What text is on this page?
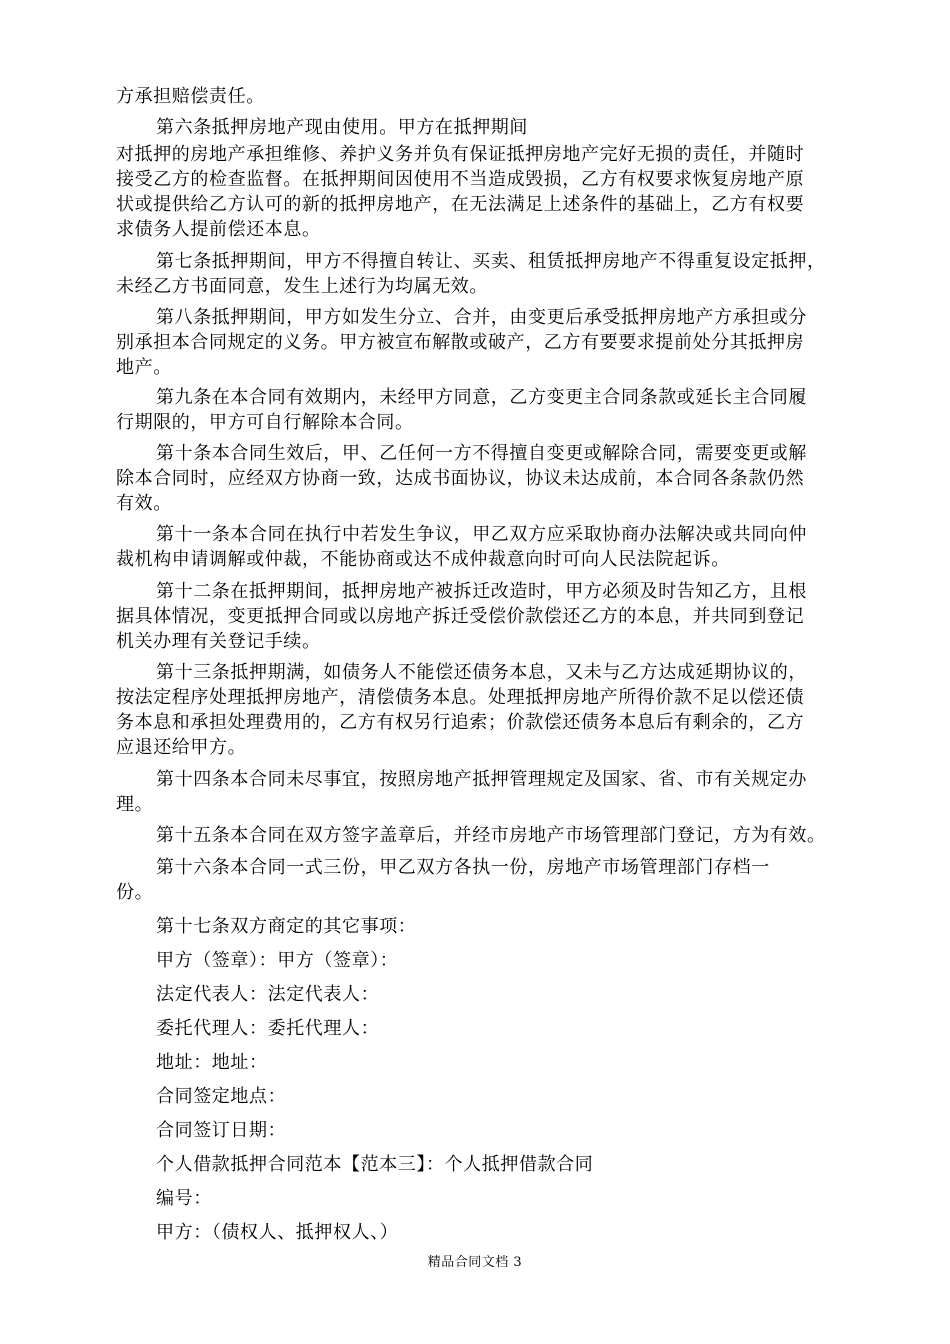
方承担赔偿责任。
第六条抵押房地产现由使用。甲方在抵押期间
对抵押的房地产承担维修、养护义务并负有保证抵押房地产完好无损的责任，并随时
接受乙方的检查监督。在抵押期间因使用不当造成毁损，乙方有权要求恢复房地产原
状或提供给乙方认可的新的抵押房地产，在无法满足上述条件的基础上，乙方有权要
求债务人提前偿还本息。
第七条抵押期间，甲方不得擅自转让、买卖、租赁抵押房地产不得重复设定抵押，
未经乙方书面同意，发生上述行为均属无效。
第八条抵押期间，甲方如发生分立、合并，由变更后承受抵押房地产方承担或分
别承担本合同规定的义务。甲方被宣布解散或破产，乙方有要要求提前处分其抵押房
地产。
第九条在本合同有效期内，未经甲方同意，乙方变更主合同条款或延长主合同履
行期限的，甲方可自行解除本合同。
第十条本合同生效后，甲、乙任何一方不得擅自变更或解除合同，需要变更或解
除本合同时，应经双方协商一致，达成书面协议，协议未达成前，本合同各条款仍然
有效。
第十一条本合同在执行中若发生争议，甲乙双方应采取协商办法解决或共同向仲
裁机构申请调解或仲裁，不能协商或达不成仲裁意向时可向人民法院起诉。
第十二条在抵押期间，抵押房地产被拆迁改造时，甲方必须及时告知乙方，且根
据具体情况，变更抵押合同或以房地产拆迁受偿价款偿还乙方的本息，并共同到登记
机关办理有关登记手续。
第十三条抵押期满，如债务人不能偿还债务本息，又未与乙方达成延期协议的，
按法定程序处理抵押房地产，清偿债务本息。处理抵押房地产所得价款不足以偿还债
务本息和承担处理费用的，乙方有权另行追索；价款偿还债务本息后有剩余的，乙方
应退还给甲方。
第十四条本合同未尽事宜，按照房地产抵押管理规定及国家、省、市有关规定办
理。
第十五条本合同在双方签字盖章后，并经市房地产市场管理部门登记，方为有效。
第十六条本合同一式三份，甲乙双方各执一份，房地产市场管理部门存档一
份。
第十七条双方商定的其它事项：
甲方（签章）：甲方（签章）：
法定代表人：法定代表人：
委托代理人：委托代理人：
地址：地址：
合同签定地点：
合同签订日期：
个人借款抵押合同范本【范本三】：个人抵押借款合同
编号：
甲方：（债权人、抵押权人、）
精品合同文档 3
